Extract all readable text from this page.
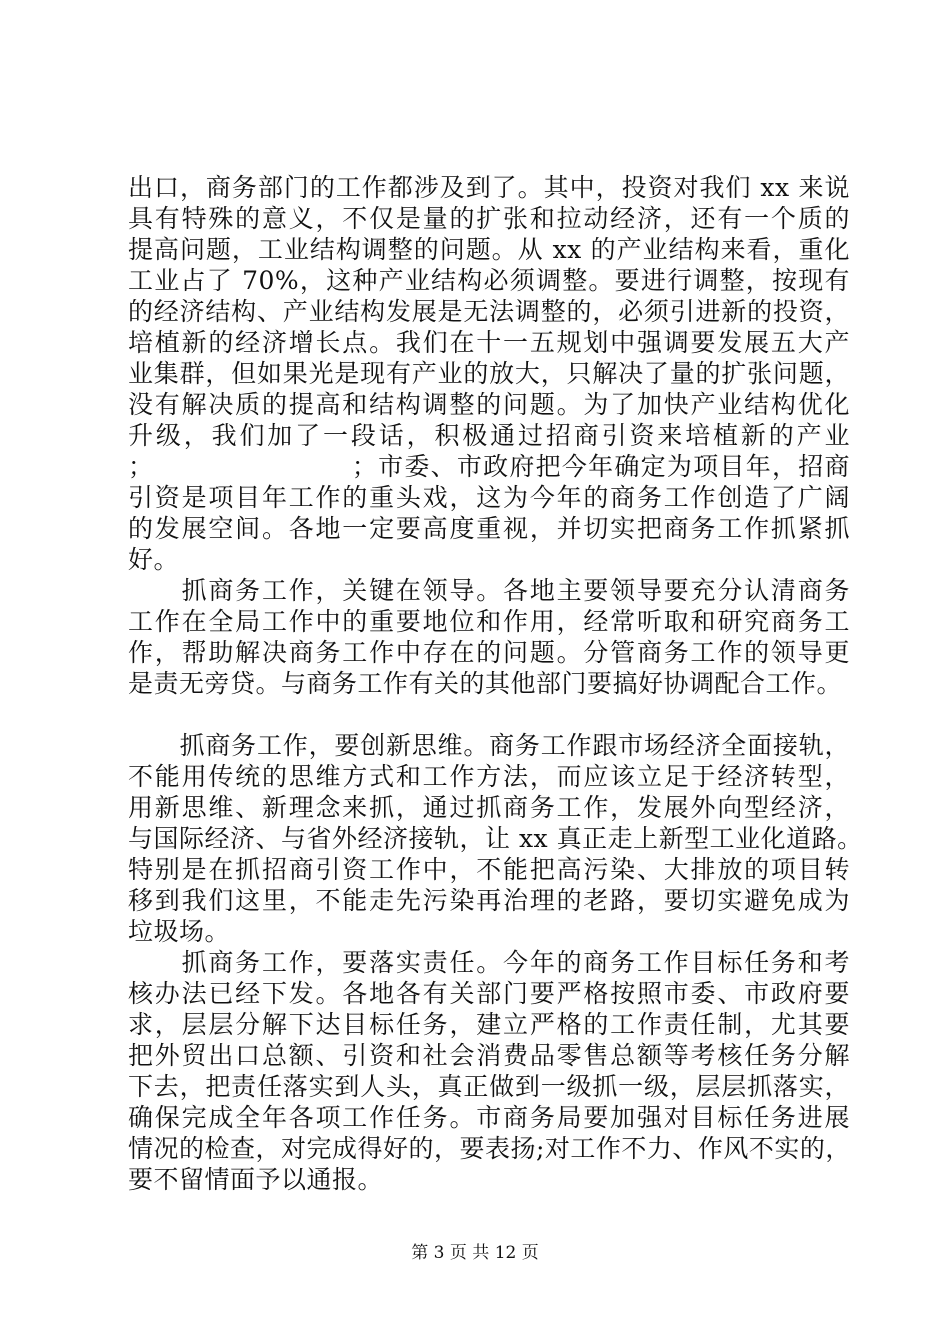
出口，商务部门的工作都涉及到了。其中，投资对我们 xx 来说
具有特殊的意义，不仅是量的扩张和拉动经济，还有一个质的
提高问题，工业结构调整的问题。从 xx 的产业结构来看，重化
工业占了 70%，这种产业结构必须调整。要进行调整，按现有
的经济结构、产业结构发展是无法调整的，必须引进新的投资，
培植新的经济增长点。我们在十一五规划中强调要发展五大产
业集群，但如果光是现有产业的放大，只解决了量的扩张问题，
没有解决质的提高和结构调整的问题。为了加快产业结构优化
升级，我们加了一段话，积极通过招商引资来培植新的产业
；　　　　　　　　；市委、市政府把今年确定为项目年，招商
引资是项目年工作的重头戏，这为今年的商务工作创造了广阔
的发展空间。各地一定要高度重视，并切实把商务工作抓紧抓
好。
　　抓商务工作，关键在领导。各地主要领导要充分认清商务
工作在全局工作中的重要地位和作用，经常听取和研究商务工
作，帮助解决商务工作中存在的问题。分管商务工作的领导更
是责无旁贷。与商务工作有关的其他部门要搞好协调配合工作。
　　抓商务工作，要创新思维。商务工作跟市场经济全面接轨，
不能用传统的思维方式和工作方法，而应该立足于经济转型，
用新思维、新理念来抓，通过抓商务工作，发展外向型经济，
与国际经济、与省外经济接轨，让 xx 真正走上新型工业化道路。
特别是在抓招商引资工作中，不能把高污染、大排放的项目转
移到我们这里，不能走先污染再治理的老路，要切实避免成为
垃圾场。
　　抓商务工作，要落实责任。今年的商务工作目标任务和考
核办法已经下发。各地各有关部门要严格按照市委、市政府要
求，层层分解下达目标任务，建立严格的工作责任制，尤其要
把外贸出口总额、引资和社会消费品零售总额等考核任务分解
下去，把责任落实到人头，真正做到一级抓一级，层层抓落实，
确保完成全年各项工作任务。市商务局要加强对目标任务进展
情况的检查，对完成得好的，要表扬;对工作不力、作风不实的，
要不留情面予以通报。
第 3 页 共 12 页
